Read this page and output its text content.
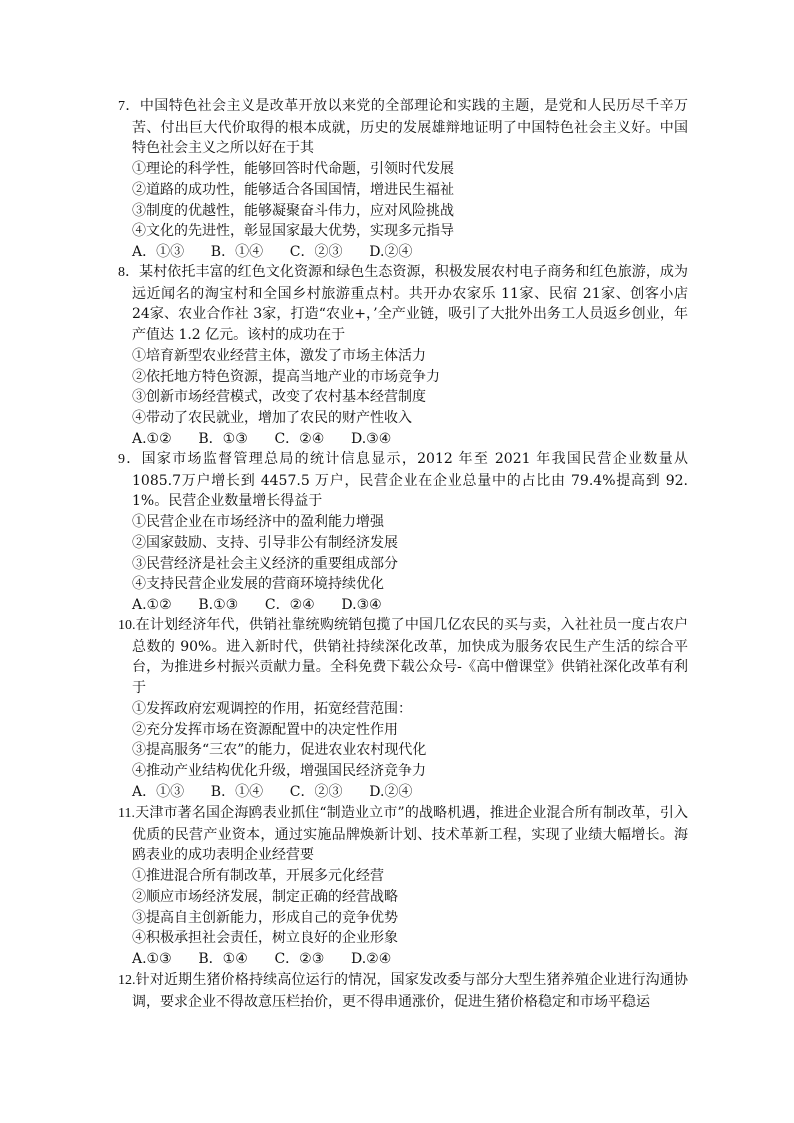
7．中国特色社会主义是改革开放以来党的全部理论和实践的主题，是党和人民历尽千辛万苦、付出巨大代价取得的根本成就，历史的发展雄辩地证明了中国特色社会主义好。中国特色社会主义之所以好在于其

①理论的科学性，能够回答时代命题，引领时代发展

②道路的成功性，能够适合各国国情，增进民生福祉

③制度的优越性，能够凝聚奋斗伟力，应对风险挑战

④文化的先进性，彰显国家最大优势，实现多元指导

A．①③      B．①④      C．②③      D.②④

8．某村依托丰富的红色文化资源和绿色生态资源，积极发展农村电子商务和红色旅游，成为远近闻名的淘宝村和全国乡村旅游重点村。共开办农家乐 11家、民宿 21家、创客小店 24家、农业合作社 3家，打造“农业+，’全产业链，吸引了大批外出务工人员返乡创业，年产值达 1.2 亿元。该村的成功在于

①培育新型农业经营主体，激发了市场主体活力

②依托地方特色资源，提高当地产业的市场竞争力

③创新市场经营模式，改变了农村基本经营制度

④带动了农民就业，增加了农民的财产性收入

A.①②      B．①③      C．②④      D.③④

9．国家市场监督管理总局的统计信息显示，2012 年至 2021 年我国民营企业数量从 1085.7万户增长到 4457.5 万户，民营企业在企业总量中的占比由 79.4%提高到 92. 1%。民营企业数量增长得益于

①民营企业在市场经济中的盈利能力增强

②国家鼓励、支持、引导非公有制经济发展

③民营经济是社会主义经济的重要组成部分

④支持民营企业发展的营商环境持续优化

A.①②      B.①③      C．②④      D.③④

10.在计划经济年代，供销社靠统购统销包揽了中国几亿农民的买与卖，入社社员一度占农户总数的 90%。进入新时代，供销社持续深化改革，加快成为服务农民生产生活的综合平台，为推进乡村振兴贡献力量。全科免费下载公众号-《高中僧课堂》供销社深化改革有利于

①发挥政府宏观调控的作用，拓宽经营范围：

②充分发挥市场在资源配置中的决定性作用

③提高服务“三农”的能力，促进农业农村现代化

④推动产业结构优化升级，增强国民经济竞争力

A．①③      B．①④      C．②③      D.②④

11.天津市著名国企海鸥表业抓住“制造业立市”的战略机遇，推进企业混合所有制改革，引入优质的民营产业资本，通过实施品牌焕新计划、技术革新工程，实现了业绩大幅增长。海鸥表业的成功表明企业经营要

①推进混合所有制改革，开展多元化经营

②顺应市场经济发展，制定正确的经营战略

③提高自主创新能力，形成自己的竞争优势

④积极承担社会责任，树立良好的企业形象

A.①③      B．①④      C．②③      D.②④

12.针对近期生猪价格持续高位运行的情况，国家发改委与部分大型生猪养殖企业进行沟通协调，要求企业不得故意压栏抬价，更不得串通涨价，促进生猪价格稳定和市场平稳运
